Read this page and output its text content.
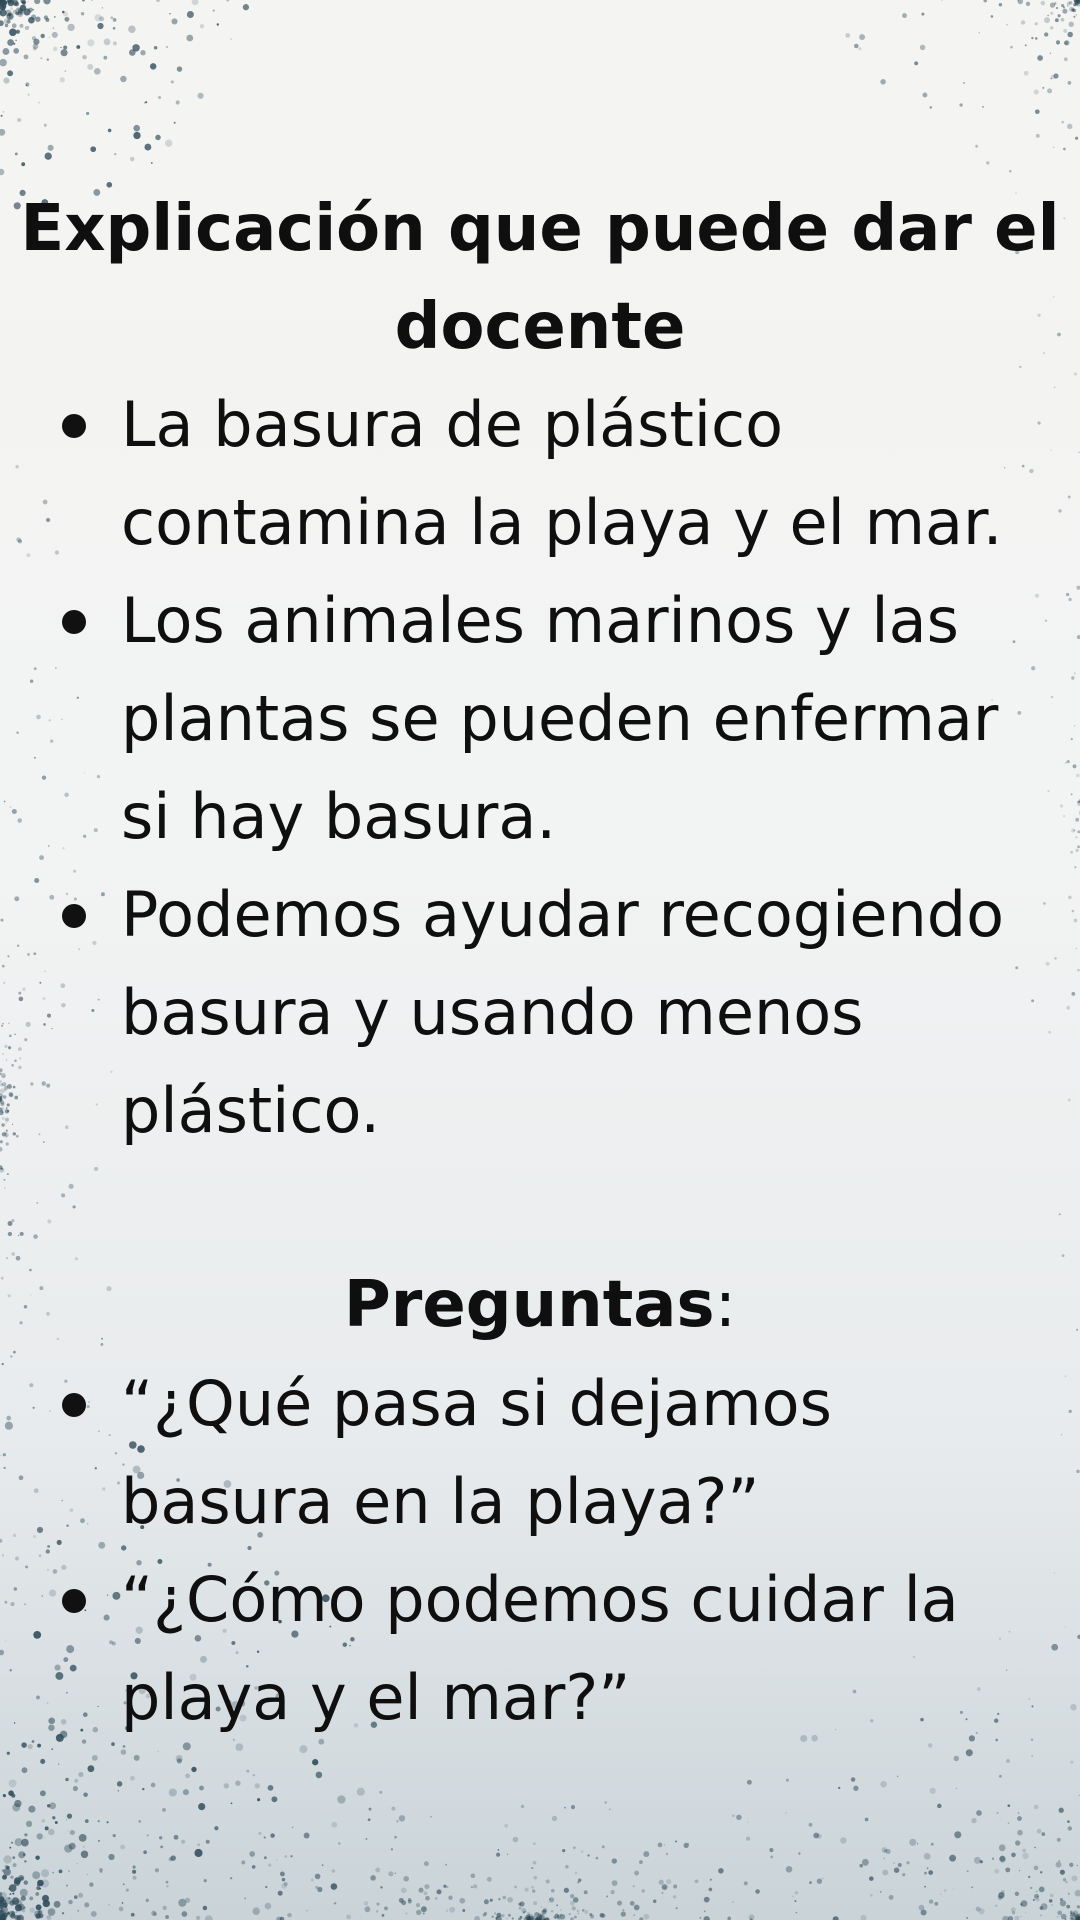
Explicación que puede dar el
docente
La basura de plástico
contamina la playa y el mar.
Los animales marinos y las
plantas se pueden enfermar
si hay basura.
Podemos ayudar recogiendo
basura y usando menos
plástico.
Preguntas:
“¿Qué pasa si dejamos
basura en la playa?”
“¿Cómo podemos cuidar la
playa y el mar?”
